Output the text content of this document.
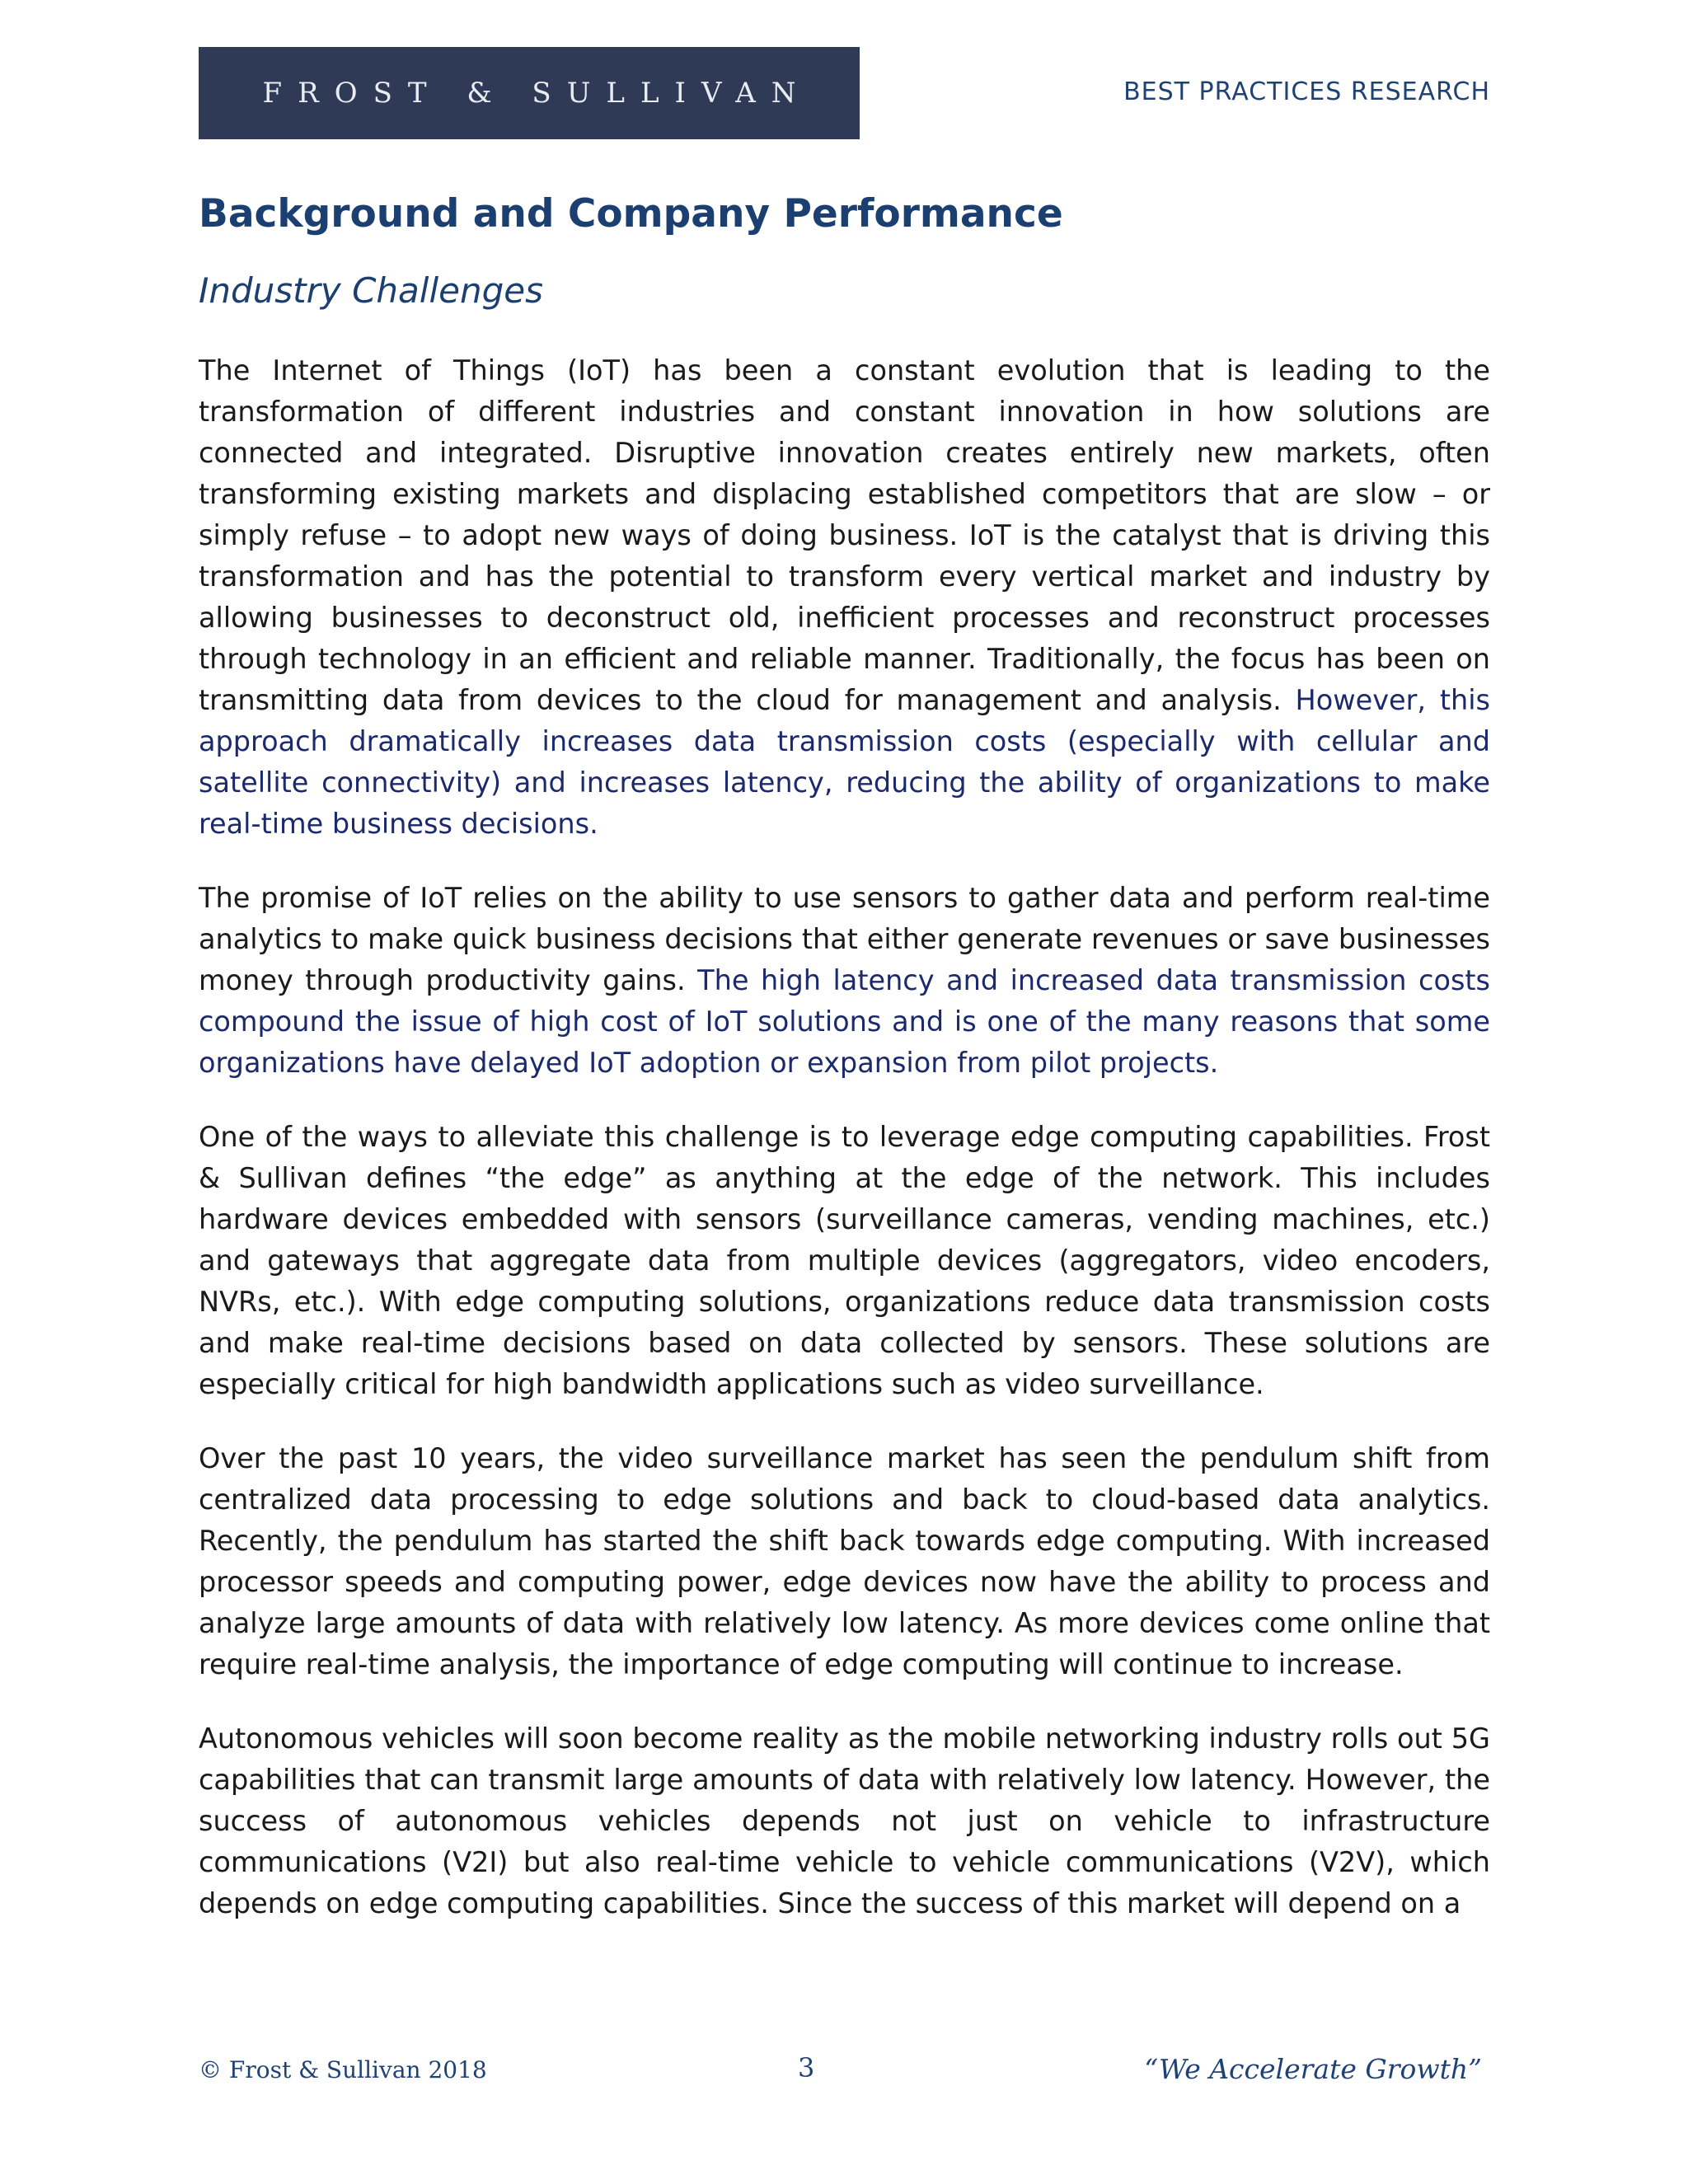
FROST & SULLIVAN	BEST PRACTICES RESEARCH
Background and Company Performance
Industry Challenges

The Internet of Things (IoT) has been a constant evolution that is leading to the transformation of different industries and constant innovation in how solutions are connected and integrated. Disruptive innovation creates entirely new markets, often transforming existing markets and displacing established competitors that are slow – or simply refuse – to adopt new ways of doing business. IoT is the catalyst that is driving this transformation and has the potential to transform every vertical market and industry by allowing businesses to deconstruct old, inefficient processes and reconstruct processes through technology in an efficient and reliable manner. Traditionally, the focus has been on transmitting data from devices to the cloud for management and analysis. However, this approach dramatically increases data transmission costs (especially with cellular and satellite connectivity) and increases latency, reducing the ability of organizations to make real-time business decisions.

The promise of IoT relies on the ability to use sensors to gather data and perform real-time analytics to make quick business decisions that either generate revenues or save businesses money through productivity gains. The high latency and increased data transmission costs compound the issue of high cost of IoT solutions and is one of the many reasons that some organizations have delayed IoT adoption or expansion from pilot projects.

One of the ways to alleviate this challenge is to leverage edge computing capabilities. Frost & Sullivan defines “the edge” as anything at the edge of the network. This includes hardware devices embedded with sensors (surveillance cameras, vending machines, etc.) and gateways that aggregate data from multiple devices (aggregators, video encoders, NVRs, etc.). With edge computing solutions, organizations reduce data transmission costs and make real-time decisions based on data collected by sensors. These solutions are especially critical for high bandwidth applications such as video surveillance.

Over the past 10 years, the video surveillance market has seen the pendulum shift from centralized data processing to edge solutions and back to cloud-based data analytics. Recently, the pendulum has started the shift back towards edge computing. With increased processor speeds and computing power, edge devices now have the ability to process and analyze large amounts of data with relatively low latency. As more devices come online that require real-time analysis, the importance of edge computing will continue to increase.

Autonomous vehicles will soon become reality as the mobile networking industry rolls out 5G capabilities that can transmit large amounts of data with relatively low latency. However, the success of autonomous vehicles depends not just on vehicle to infrastructure communications (V2I) but also real-time vehicle to vehicle communications (V2V), which depends on edge computing capabilities. Since the success of this market will depend on a

© Frost & Sullivan 2018	3	“We Accelerate Growth”
